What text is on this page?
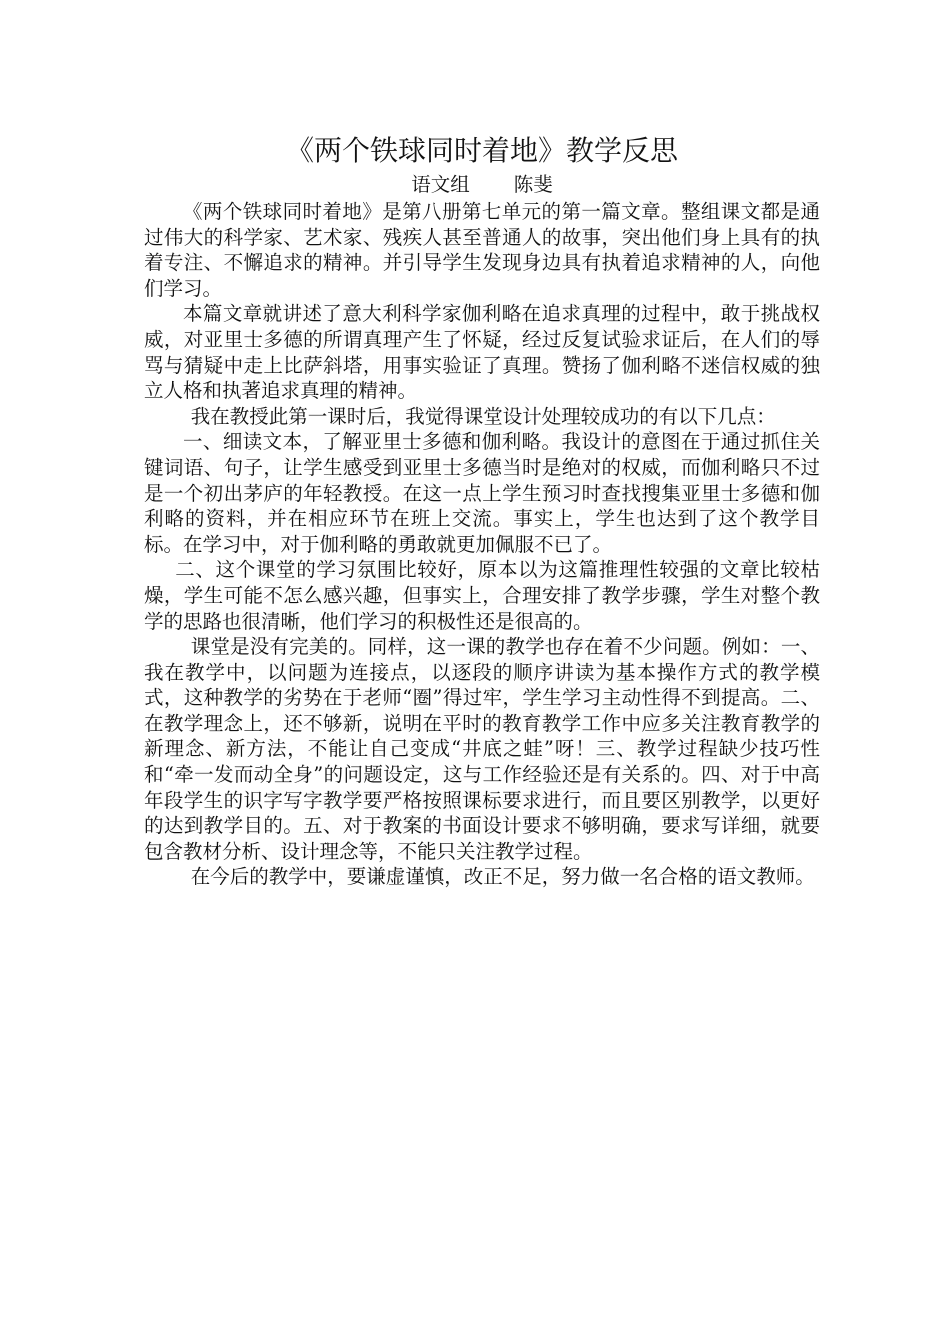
《两个铁球同时着地》教学反思
语文组 陈斐

《两个铁球同时着地》是第八册第七单元的第一篇文章。整组课文都是通过伟大的科学家、艺术家、残疾人甚至普通人的故事，突出他们身上具有的执着专注、不懈追求的精神。并引导学生发现身边具有执着追求精神的人，向他们学习。

本篇文章就讲述了意大利科学家伽利略在追求真理的过程中，敢于挑战权威，对亚里士多德的所谓真理产生了怀疑，经过反复试验求证后，在人们的辱骂与猜疑中走上比萨斜塔，用事实验证了真理。赞扬了伽利略不迷信权威的独立人格和执著追求真理的精神。

我在教授此第一课时后，我觉得课堂设计处理较成功的有以下几点：

一、细读文本，了解亚里士多德和伽利略。我设计的意图在于通过抓住关键词语、句子，让学生感受到亚里士多德当时是绝对的权威，而伽利略只不过是一个初出茅庐的年轻教授。在这一点上学生预习时查找搜集亚里士多德和伽利略的资料，并在相应环节在班上交流。事实上，学生也达到了这个教学目标。在学习中，对于伽利略的勇敢就更加佩服不已了。

二、这个课堂的学习氛围比较好，原本以为这篇推理性较强的文章比较枯燥，学生可能不怎么感兴趣，但事实上，合理安排了教学步骤，学生对整个教学的思路也很清晰，他们学习的积极性还是很高的。

课堂是没有完美的。同样，这一课的教学也存在着不少问题。例如：一、我在教学中，以问题为连接点，以逐段的顺序讲读为基本操作方式的教学模式，这种教学的劣势在于老师“圈”得过牢，学生学习主动性得不到提高。二、在教学理念上，还不够新，说明在平时的教育教学工作中应多关注教育教学的新理念、新方法，不能让自己变成“井底之蛙”呀！三、教学过程缺少技巧性和“牵一发而动全身”的问题设定，这与工作经验还是有关系的。四、对于中高年段学生的识字写字教学要严格按照课标要求进行，而且要区别教学，以更好的达到教学目的。五、对于教案的书面设计要求不够明确，要求写详细，就要包含教材分析、设计理念等，不能只关注教学过程。

在今后的教学中，要谦虚谨慎，改正不足，努力做一名合格的语文教师。
